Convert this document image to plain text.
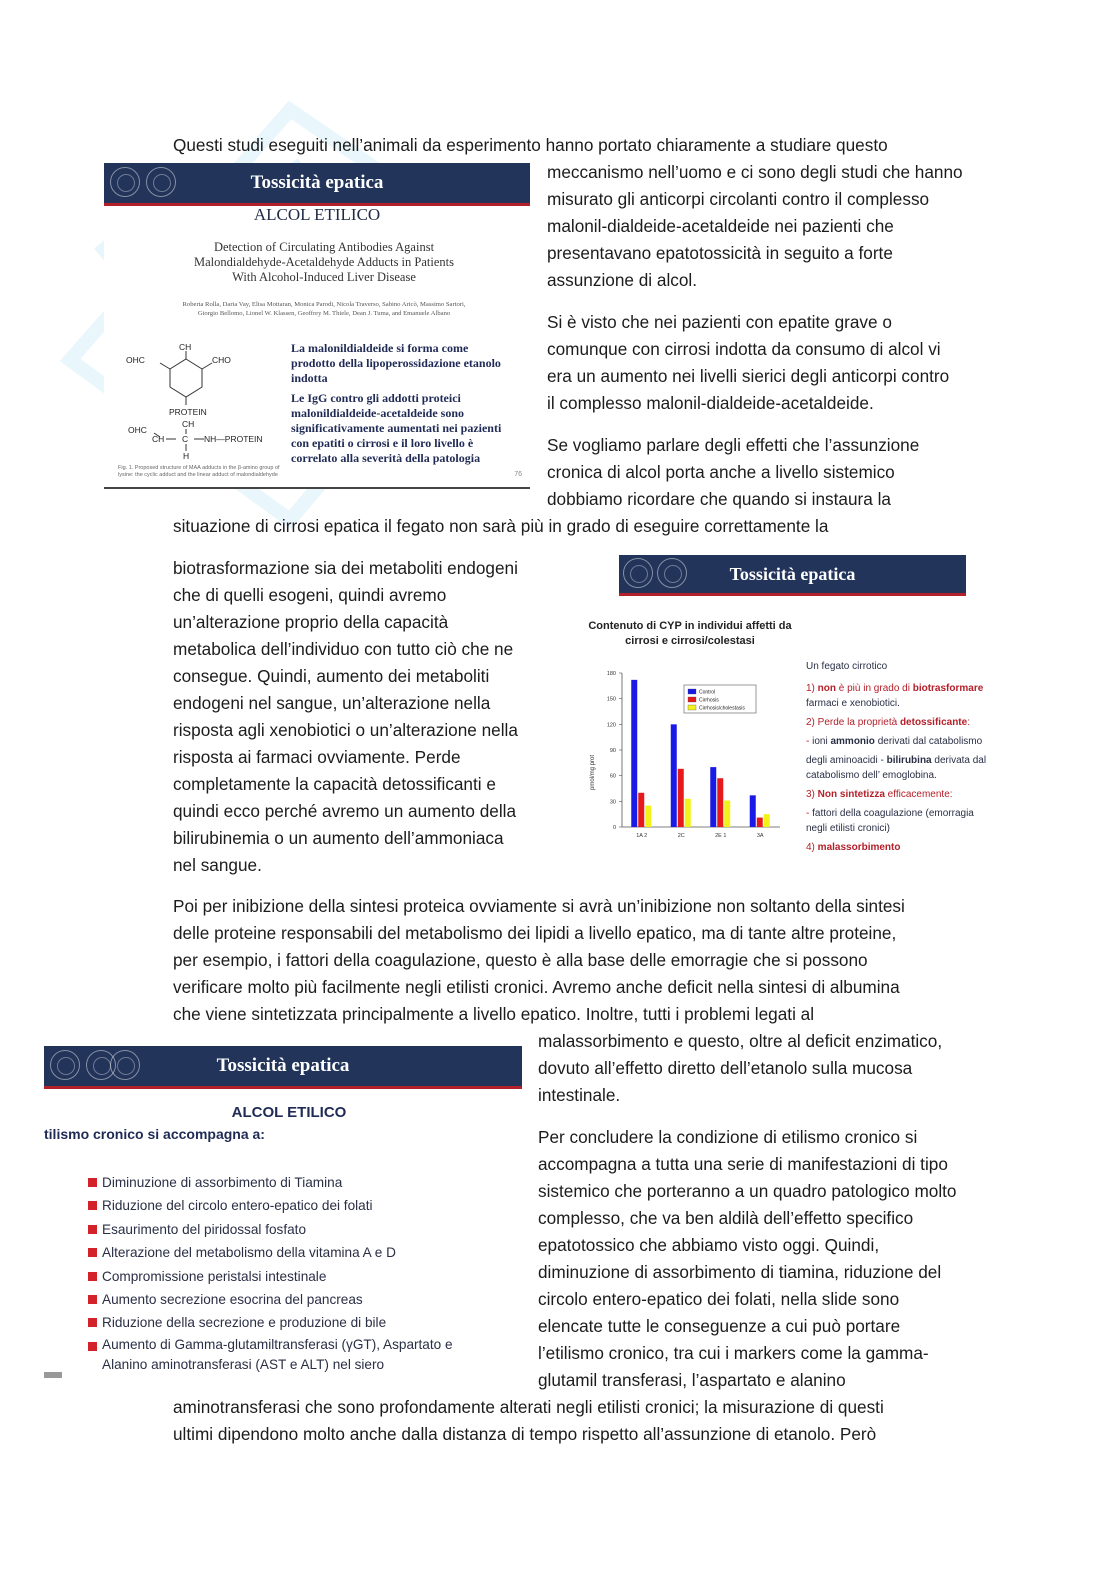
Questi studi eseguiti nell’animali da esperimento hanno portato chiaramente a studiare questo

meccanismo nell’uomo e ci sono degli studi che hanno

misurato gli anticorpi circolanti contro il complesso

malonil-dialdeide-acetaldeide nei pazienti che

presentavano epatotossicità in seguito a forte

assunzione di alcol.

Si è visto che nei pazienti con epatite grave o

comunque con cirrosi indotta da consumo di alcol vi

era un aumento nei livelli sierici degli anticorpi contro

il complesso malonil-dialdeide-acetaldeide.

Se vogliamo parlare degli effetti che l’assunzione

cronica di alcol porta anche a livello sistemico

dobbiamo ricordare che quando si instaura la

situazione di cirrosi epatica il fegato non sarà più in grado di eseguire correttamente la

Tossicità epatica
ALCOL ETILICO
Detection of Circulating Antibodies Against
Malondialdehyde-Acetaldehyde Adducts in Patients
With Alcohol-Induced Liver Disease
Roberta Rolla, Daria Vay, Elisa Mottaran, Monica Parodi, Nicola Traverso, Sabino Aricò, Massimo Sartori,
Giorgio Bellomo, Lionel W. Klassen, Geoffrey M. Thiele, Dean J. Tuma, and Emanuele Albano
CH
OHC	CHO
PROTEIN
CH
OHC
CH C NH—PROTEIN
H
La malonildialdeide si forma come
prodotto della lipoperossidazione etanolo
indotta
Le IgG contro gli addotti proteici
malonildialdeide-acetaldeide sono
significativamente aumentati nei pazienti
con epatiti o cirrosi e il loro livello è
correlato alla severità della patologia
Fig. 1. Proposed structure of MAA adducts in the β-amino group of
lysine: the cyclic adduct and the linear adduct of malondialdehyde	76

biotrasformazione sia dei metaboliti endogeni

che di quelli esogeni, quindi avremo

un’alterazione proprio della capacità

metabolica dell’individuo con tutto ciò che ne

consegue. Quindi, aumento dei metaboliti

endogeni nel sangue, un’alterazione nella

risposta agli xenobiotici o un’alterazione nella

risposta ai farmaci ovviamente. Perde

completamente la capacità detossificanti e

quindi ecco perché avremo un aumento della

bilirubinemia o un aumento dell’ammoniaca

nel sangue.

Tossicità epatica
Contenuto di CYP in individui affetti da
cirrosi e cirrosi/colestasi
0
30
60
90
120
150
180
pmol/mg prot
1A 2	2C	2E 1	3A
Control
Cirrhosis
Cirrhosis/cholestasis
Un fegato cirrotico
1) non è più in grado di biotrasformare
farmaci e xenobiotici.
2) Perde la proprietà detossificante:
- ioni ammonio derivati dal catabolismo
degli aminoacidi - bilirubina derivata dal
catabolismo dell’ emoglobina.
3) Non sintetizza efficacemente:
- fattori della coagulazione (emorragia
negli etilisti cronici)
4) malassorbimento

Poi per inibizione della sintesi proteica ovviamente si avrà un’inibizione non soltanto della sintesi

delle proteine responsabili del metabolismo dei lipidi a livello epatico, ma di tante altre proteine,

per esempio, i fattori della coagulazione, questo è alla base delle emorragie che si possono

verificare molto più facilmente negli etilisti cronici. Avremo anche deficit nella sintesi di albumina

che viene sintetizzata principalmente a livello epatico. Inoltre, tutti i problemi legati al

malassorbimento e questo, oltre al deficit enzimatico,

dovuto all’effetto diretto dell’etanolo sulla mucosa

intestinale.

Tossicità epatica
ALCOL ETILICO
tilismo cronico si accompagna a:
Diminuzione di assorbimento di Tiamina
Riduzione del circolo entero-epatico dei folati
Esaurimento del piridossal fosfato
Alterazione del metabolismo della vitamina A e D
Compromissione peristalsi intestinale
Aumento secrezione esocrina del pancreas
Riduzione della secrezione e produzione di bile
Aumento di Gamma-glutamiltransferasi (γGT), Aspartato e
Alanino aminotransferasi (AST e ALT) nel siero

Per concludere la condizione di etilismo cronico si

accompagna a tutta una serie di manifestazioni di tipo

sistemico che porteranno a un quadro patologico molto

complesso, che va ben aldilà dell’effetto specifico

epatotossico che abbiamo visto oggi. Quindi,

diminuzione di assorbimento di tiamina, riduzione del

circolo entero-epatico dei folati, nella slide sono

elencate tutte le conseguenze a cui può portare

l’etilismo cronico, tra cui i markers come la gamma-

glutamil transferasi, l’aspartato e alanino

aminotransferasi che sono profondamente alterati negli etilisti cronici; la misurazione di questi

ultimi dipendono molto anche dalla distanza di tempo rispetto all’assunzione di etanolo. Però
